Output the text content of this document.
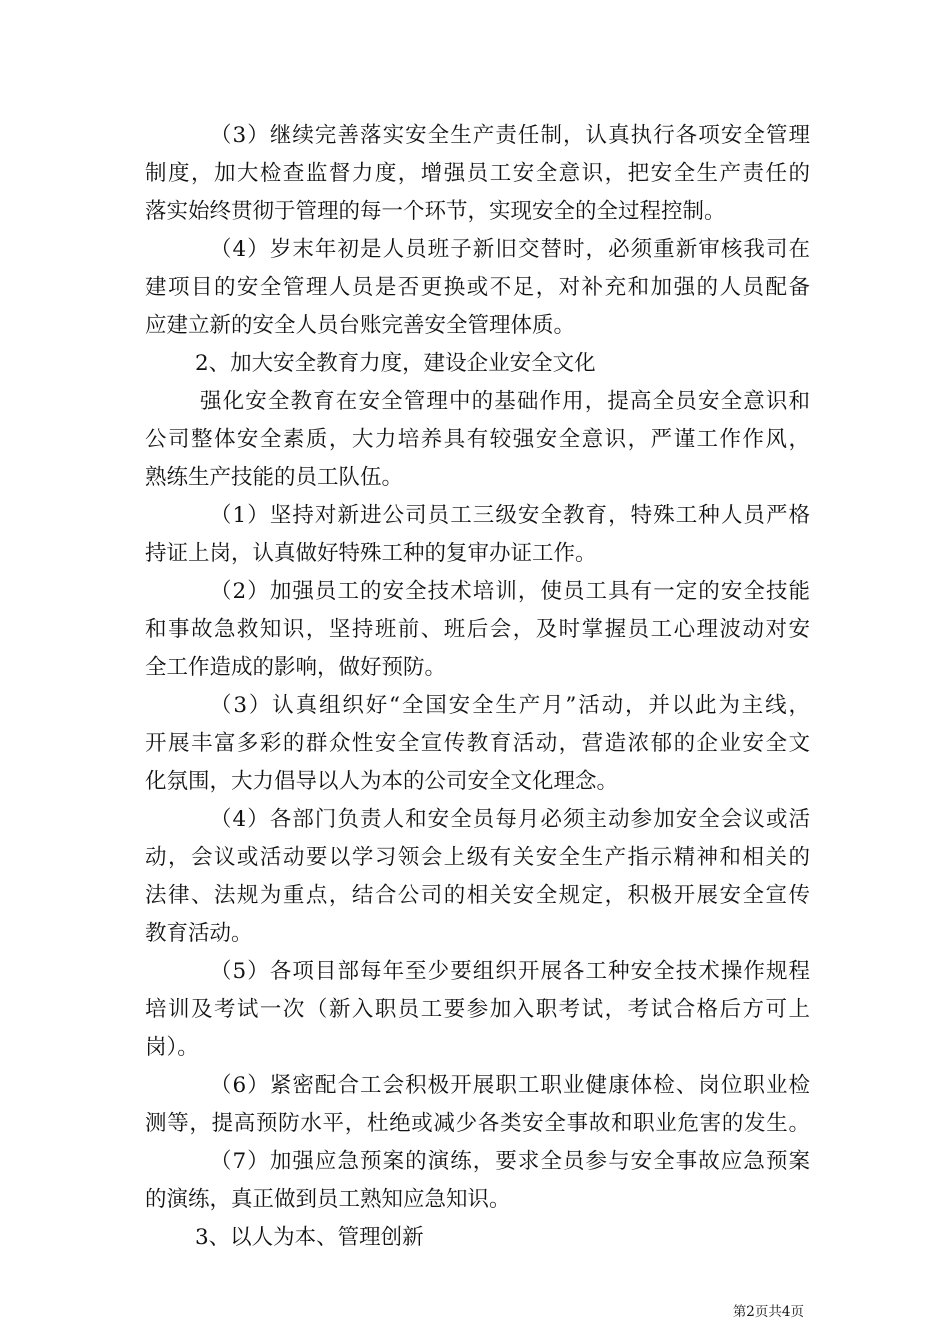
（3）继续完善落实安全生产责任制，认真执行各项安全管理
制度，加大检查监督力度，增强员工安全意识，把安全生产责任的
落实始终贯彻于管理的每一个环节，实现安全的全过程控制。
（4）岁末年初是人员班子新旧交替时，必须重新审核我司在
建项目的安全管理人员是否更换或不足，对补充和加强的人员配备
应建立新的安全人员台账完善安全管理体质。
2、加大安全教育力度，建设企业安全文化
强化安全教育在安全管理中的基础作用，提高全员安全意识和
公司整体安全素质，大力培养具有较强安全意识，严谨工作作风，
熟练生产技能的员工队伍。
（1）坚持对新进公司员工三级安全教育，特殊工种人员严格
持证上岗，认真做好特殊工种的复审办证工作。
（2）加强员工的安全技术培训，使员工具有一定的安全技能
和事故急救知识，坚持班前、班后会，及时掌握员工心理波动对安
全工作造成的影响，做好预防。
（3）认真组织好“全国安全生产月”活动，并以此为主线，
开展丰富多彩的群众性安全宣传教育活动，营造浓郁的企业安全文
化氛围，大力倡导以人为本的公司安全文化理念。
（4）各部门负责人和安全员每月必须主动参加安全会议或活
动，会议或活动要以学习领会上级有关安全生产指示精神和相关的
法律、法规为重点，结合公司的相关安全规定，积极开展安全宣传
教育活动。
（5）各项目部每年至少要组织开展各工种安全技术操作规程
培训及考试一次（新入职员工要参加入职考试，考试合格后方可上
岗）。
（6）紧密配合工会积极开展职工职业健康体检、岗位职业检
测等，提高预防水平，杜绝或减少各类安全事故和职业危害的发生。
（7）加强应急预案的演练，要求全员参与安全事故应急预案
的演练，真正做到员工熟知应急知识。
3、以人为本、管理创新
第2页共4页
